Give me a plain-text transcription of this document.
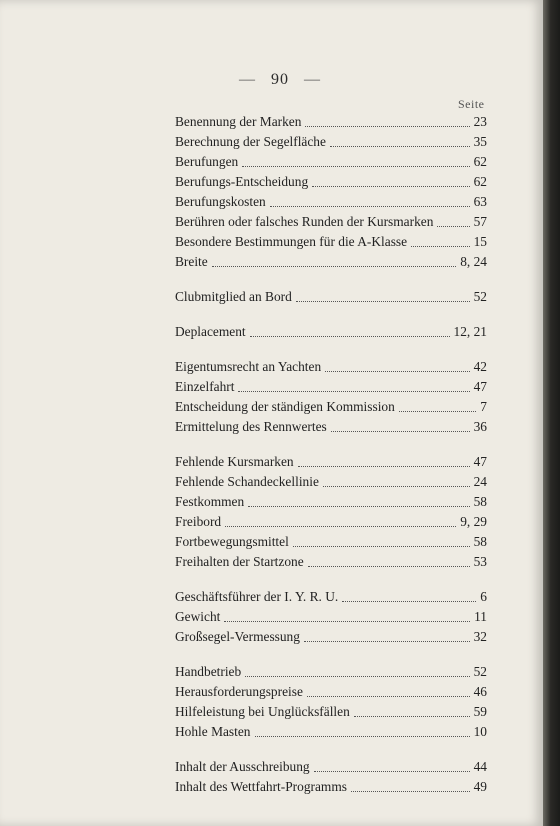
— 90 —
Seite
Benennung der Marken	23
Berechnung der Segelfläche	35
Berufungen	62
Berufungs-Entscheidung	62
Berufungskosten	63
Berühren oder falsches Runden der Kursmarken	57
Besondere Bestimmungen für die A-Klasse	15
Breite	8, 24
Clubmitglied an Bord	52
Deplacement	12, 21
Eigentumsrecht an Yachten	42
Einzelfahrt	47
Entscheidung der ständigen Kommission	7
Ermittelung des Rennwertes	36
Fehlende Kursmarken	47
Fehlende Schandeckellinie	24
Festkommen	58
Freibord	9, 29
Fortbewegungsmittel	58
Freihalten der Startzone	53
Geschäftsführer der I. Y. R. U.	6
Gewicht	11
Großsegel-Vermessung	32
Handbetrieb	52
Herausforderungspreise	46
Hilfeleistung bei Unglücksfällen	59
Hohle Masten	10
Inhalt der Ausschreibung	44
Inhalt des Wettfahrt-Programms	49
